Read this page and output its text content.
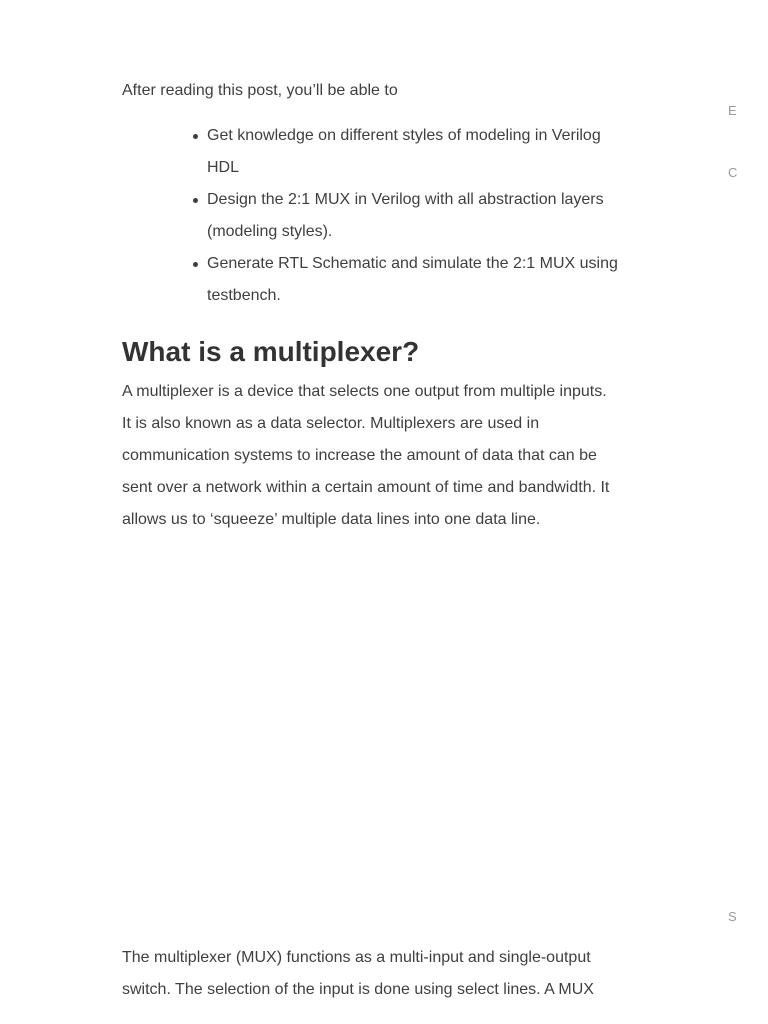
After reading this post, you’ll be able to

Get knowledge on different styles of modeling in Verilog HDL
Design the 2:1 MUX in Verilog with all abstraction layers (modeling styles).
Generate RTL Schematic and simulate the 2:1 MUX using testbench.
What is a multiplexer?

A multiplexer is a device that selects one output from multiple inputs. It is also known as a data selector. Multiplexers are used in communication systems to increase the amount of data that can be sent over a network within a certain amount of time and bandwidth. It allows us to ‘squeeze’ multiple data lines into one data line.

The multiplexer (MUX) functions as a multi-input and single-output switch. The selection of the input is done using select lines. A MUX

E
C
S
